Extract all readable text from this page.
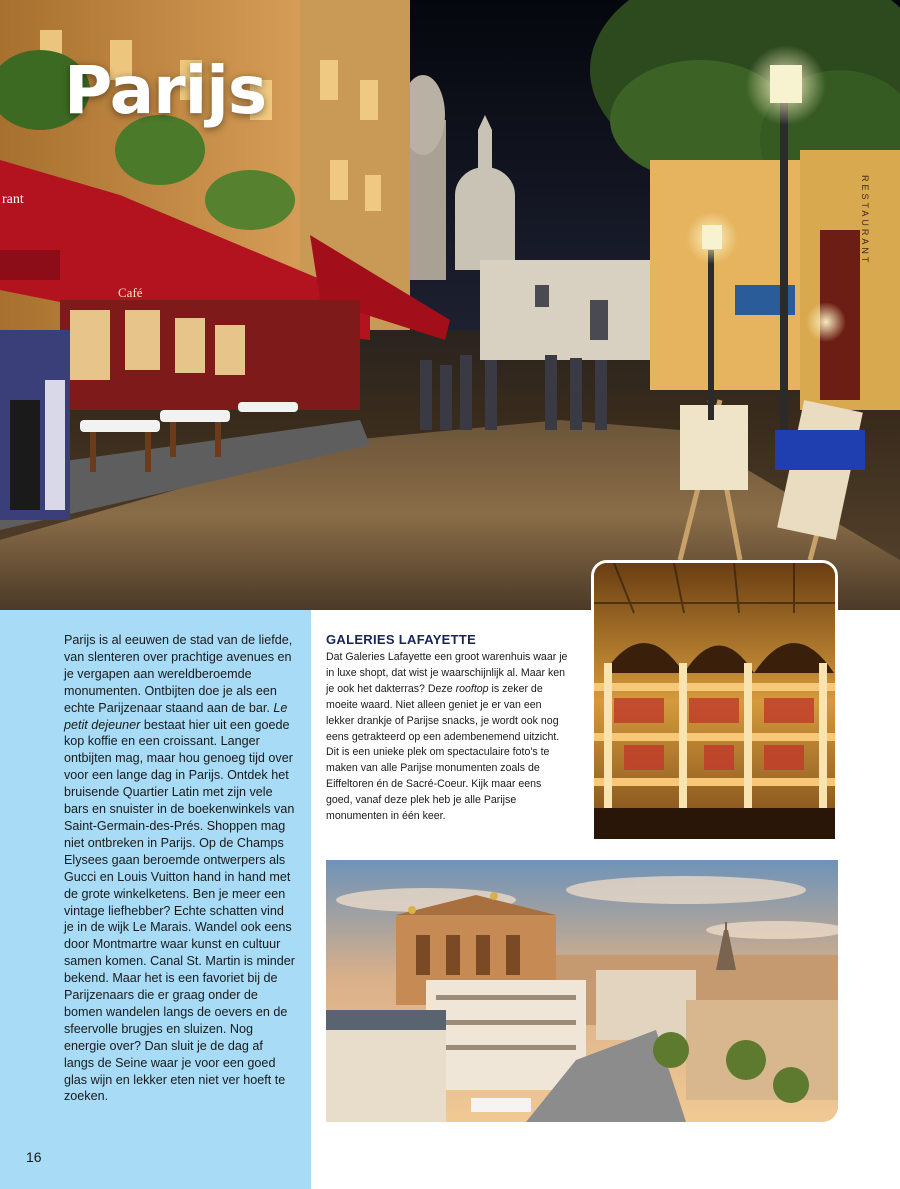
rant
Café
RESTAURANT
Parijs
Parijs is al eeuwen de stad van de liefde, van slenteren over prachtige avenues en je vergapen aan wereldberoemde monumenten. Ontbijten doe je als een echte Parijzenaar staand aan de bar. Le petit dejeuner bestaat hier uit een goede kop koffie en een croissant. Langer ontbijten mag, maar hou genoeg tijd over voor een lange dag in Parijs. Ontdek het bruisende Quartier Latin met zijn vele bars en snuister in de boekenwinkels van Saint-Germain-des-Prés. Shoppen mag niet ontbreken in Parijs. Op de Champs Elysees gaan beroemde ontwerpers als Gucci en Louis Vuitton hand in hand met de grote winkelketens. Ben je meer een vintage liefhebber? Echte schatten vind je in de wijk Le Marais. Wandel ook eens door Montmartre waar kunst en cultuur samen komen. Canal St. Martin is minder bekend. Maar het is een favoriet bij de Parijzenaars die er graag onder de bomen wandelen langs de oevers en de sfeervolle brugjes en sluizen. Nog energie over? Dan sluit je de dag af langs de Seine waar je voor een goed glas wijn en lekker eten niet ver hoeft te zoeken.
16
GALERIES LAFAYETTE

Dat Galeries Lafayette een groot warenhuis waar je in luxe shopt, dat wist je waarschijnlijk al. Maar ken je ook het dakterras? Deze rooftop is zeker de moeite waard. Niet alleen geniet je er van een lekker drankje of Parijse snacks, je wordt ook nog eens getrakteerd op een adembenemend uitzicht. Dit is een unieke plek om spectaculaire foto's te maken van alle Parijse monumenten zoals de Eiffeltoren én de Sacré-Coeur. Kijk maar eens goed, vanaf deze plek heb je alle Parijse monumenten in één keer.
